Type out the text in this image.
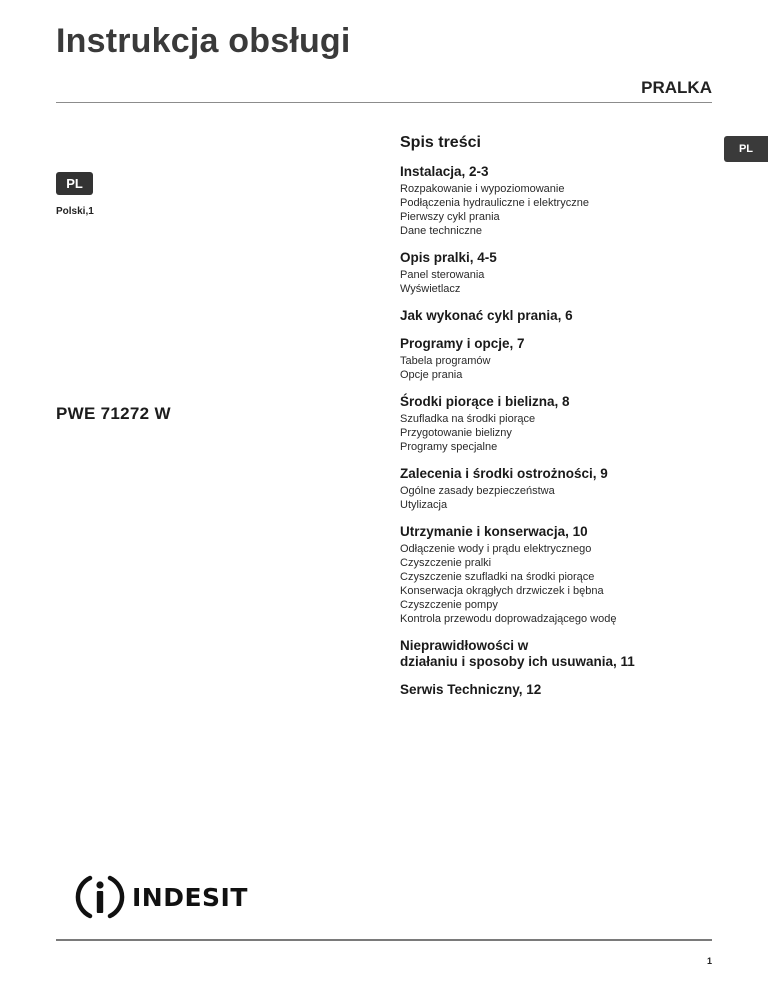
Instrukcja obsługi
PRALKA
PL
PL
Polski,1
PWE 71272 W
Spis treści
Instalacja, 2-3
Rozpakowanie i wypoziomowanie
Podłączenia hydrauliczne i elektryczne
Pierwszy cykl prania
Dane techniczne
Opis pralki, 4-5
Panel sterowania
Wyświetlacz
Jak wykonać cykl prania, 6
Programy i opcje, 7
Tabela programów
Opcje prania
Środki piorące i bielizna, 8
Szufladka na środki piorące
Przygotowanie bielizny
Programy specjalne
Zalecenia i środki ostrożności, 9
Ogólne zasady bezpieczeństwa
Utylizacja
Utrzymanie i konserwacja, 10
Odłączenie wody i prądu elektrycznego
Czyszczenie pralki
Czyszczenie szufladki na środki piorące
Konserwacja okrągłych drzwiczek i bębna
Czyszczenie pompy
Kontrola przewodu doprowadzającego wodę
Nieprawidłowości w
działaniu i sposoby ich usuwania, 11
Serwis Techniczny, 12
INDESIT
1
